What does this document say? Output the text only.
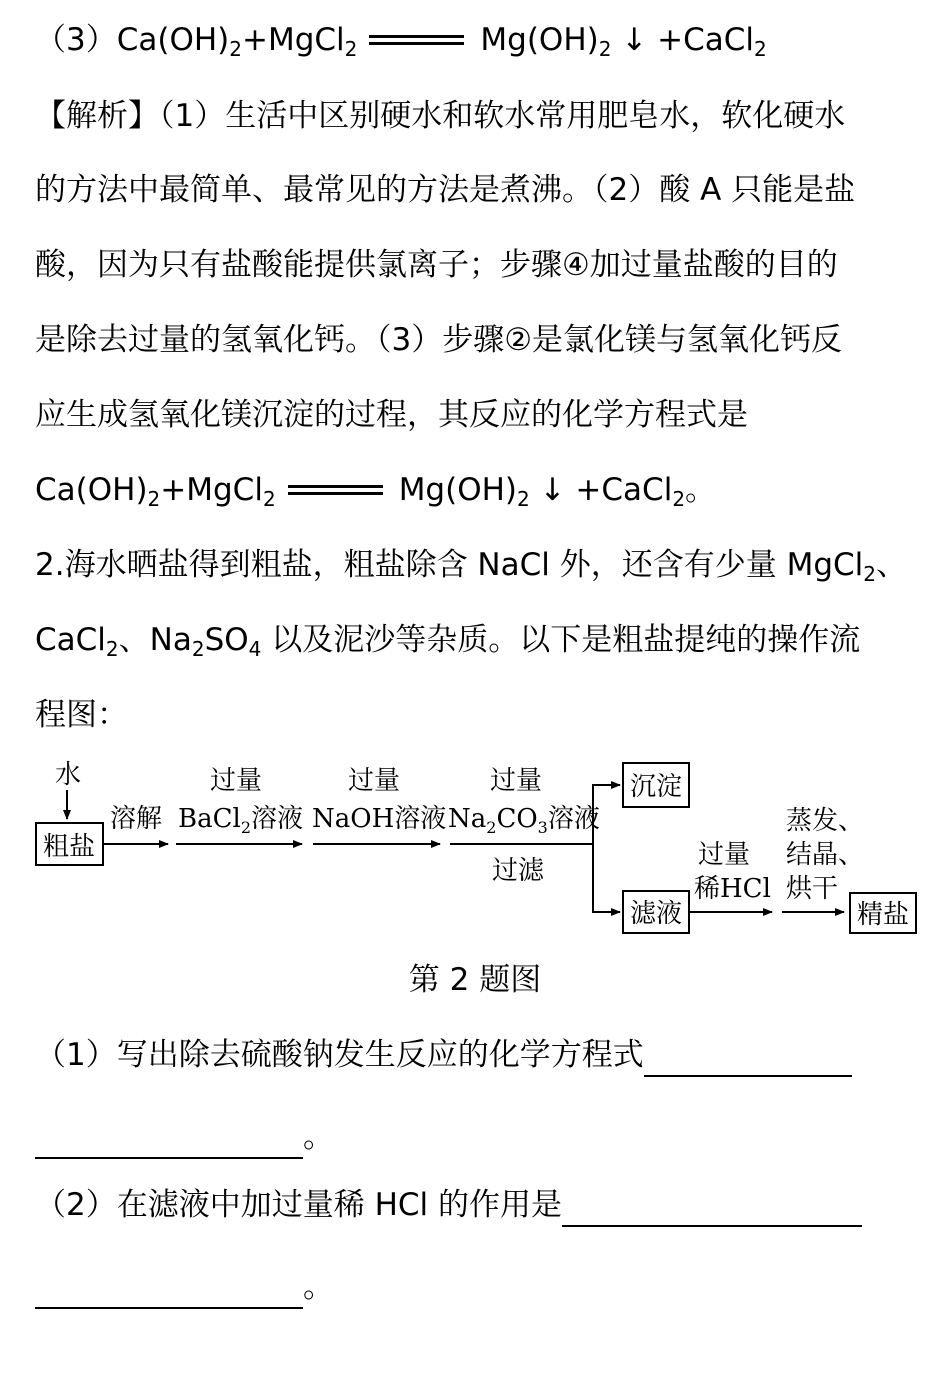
$(3)Ca(OH)_2+MgCl_2$	$Mg(OH)_2$ ↓ +CaCl$_2$
【解析】（1）生活中区别硬水和软水常用肥皂水，软化硬水
的方法中最简单、最常见的方法是煮沸。（2）酸 A 只能是盐
酸，因为只有盐酸能提供氯离子；步骤④加过量盐酸的目的
是除去过量的氢氧化钙。（3）步骤②是氯化镁与氢氧化钙反
应生成氢氧化镁沉淀的过程，其反应的化学方程式是
$Ca(OH)_2+MgCl_2$	$Mg(OH)_2$ ↓ +CaCl$_2$。
2.海水晒盐得到粗盐，粗盐除含 NaCl 外，还含有少量 MgCl$_2$、
CaCl$_2$、$Na_2SO_4$ 以及泥沙等杂质。以下是粗盐提纯的操作流
程图：
水
粗盐
溶解
过量
BaCl$_2$溶液
过量
NaOH溶液
过量
$Na_2CO_3$溶液
过滤
沉淀
滤液
过量
稀HCl
蒸发、
结晶、
烘干
精盐
第 2 题图
（1）写出除去硫酸钠发生反应的化学方程式
。
（2）在滤液中加过量稀 HCl 的作用是
。
